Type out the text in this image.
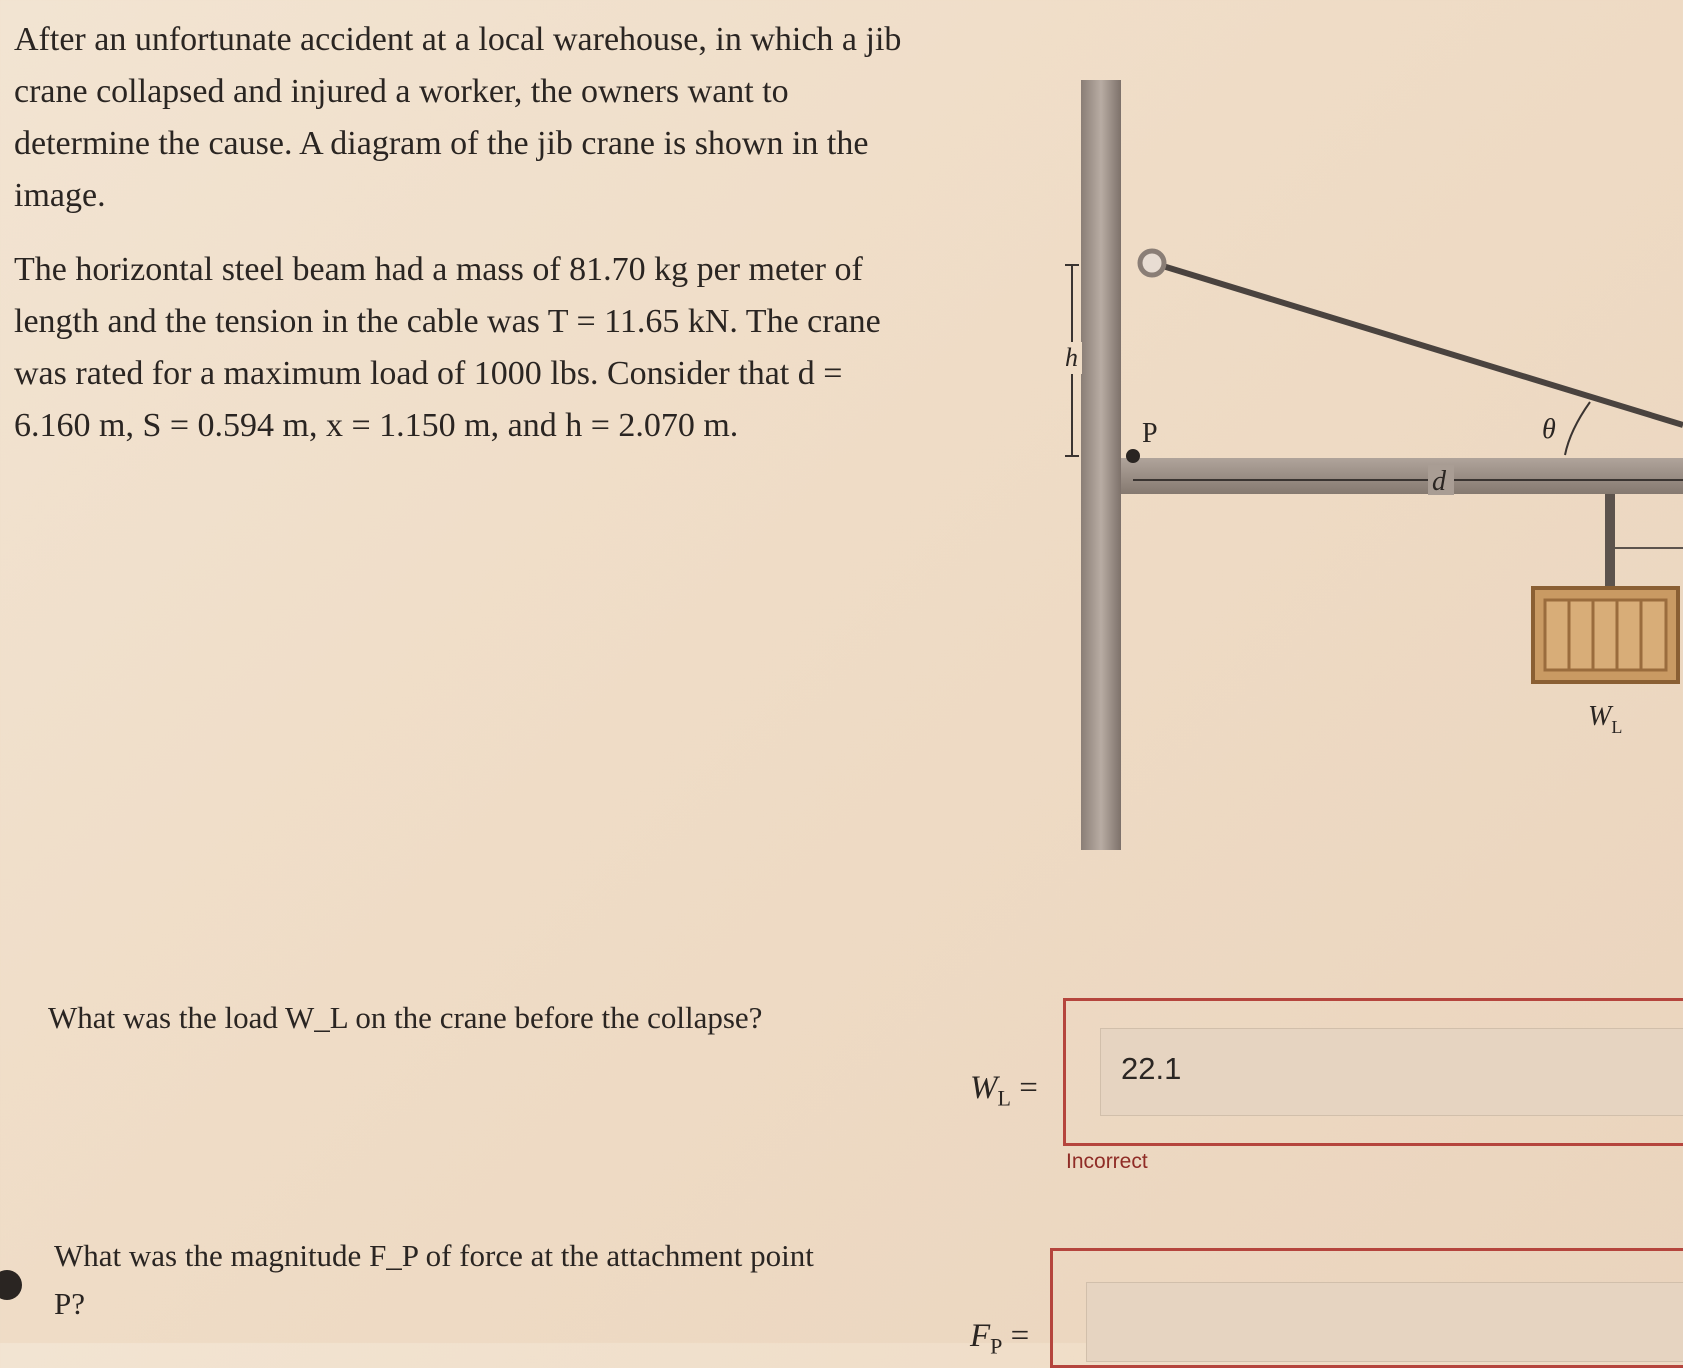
After an unfortunate accident at a local warehouse, in which a jib crane collapsed and injured a worker, the owners want to determine the cause. A diagram of the jib crane is shown in the image.

The horizontal steel beam had a mass of 81.70 kg per meter of length and the tension in the cable was T = 11.65 kN. The crane was rated for a maximum load of 1000 lbs. Consider that d = 6.160 m, S = 0.594 m, x = 1.150 m, and h = 2.070 m.

h
P
d
θ
$W_L$
What was the load W_L on the crane before the collapse?
$W_L$ =
22.1
Incorrect
What was the magnitude F_P of force at the attachment point P?
$F_P$ =
